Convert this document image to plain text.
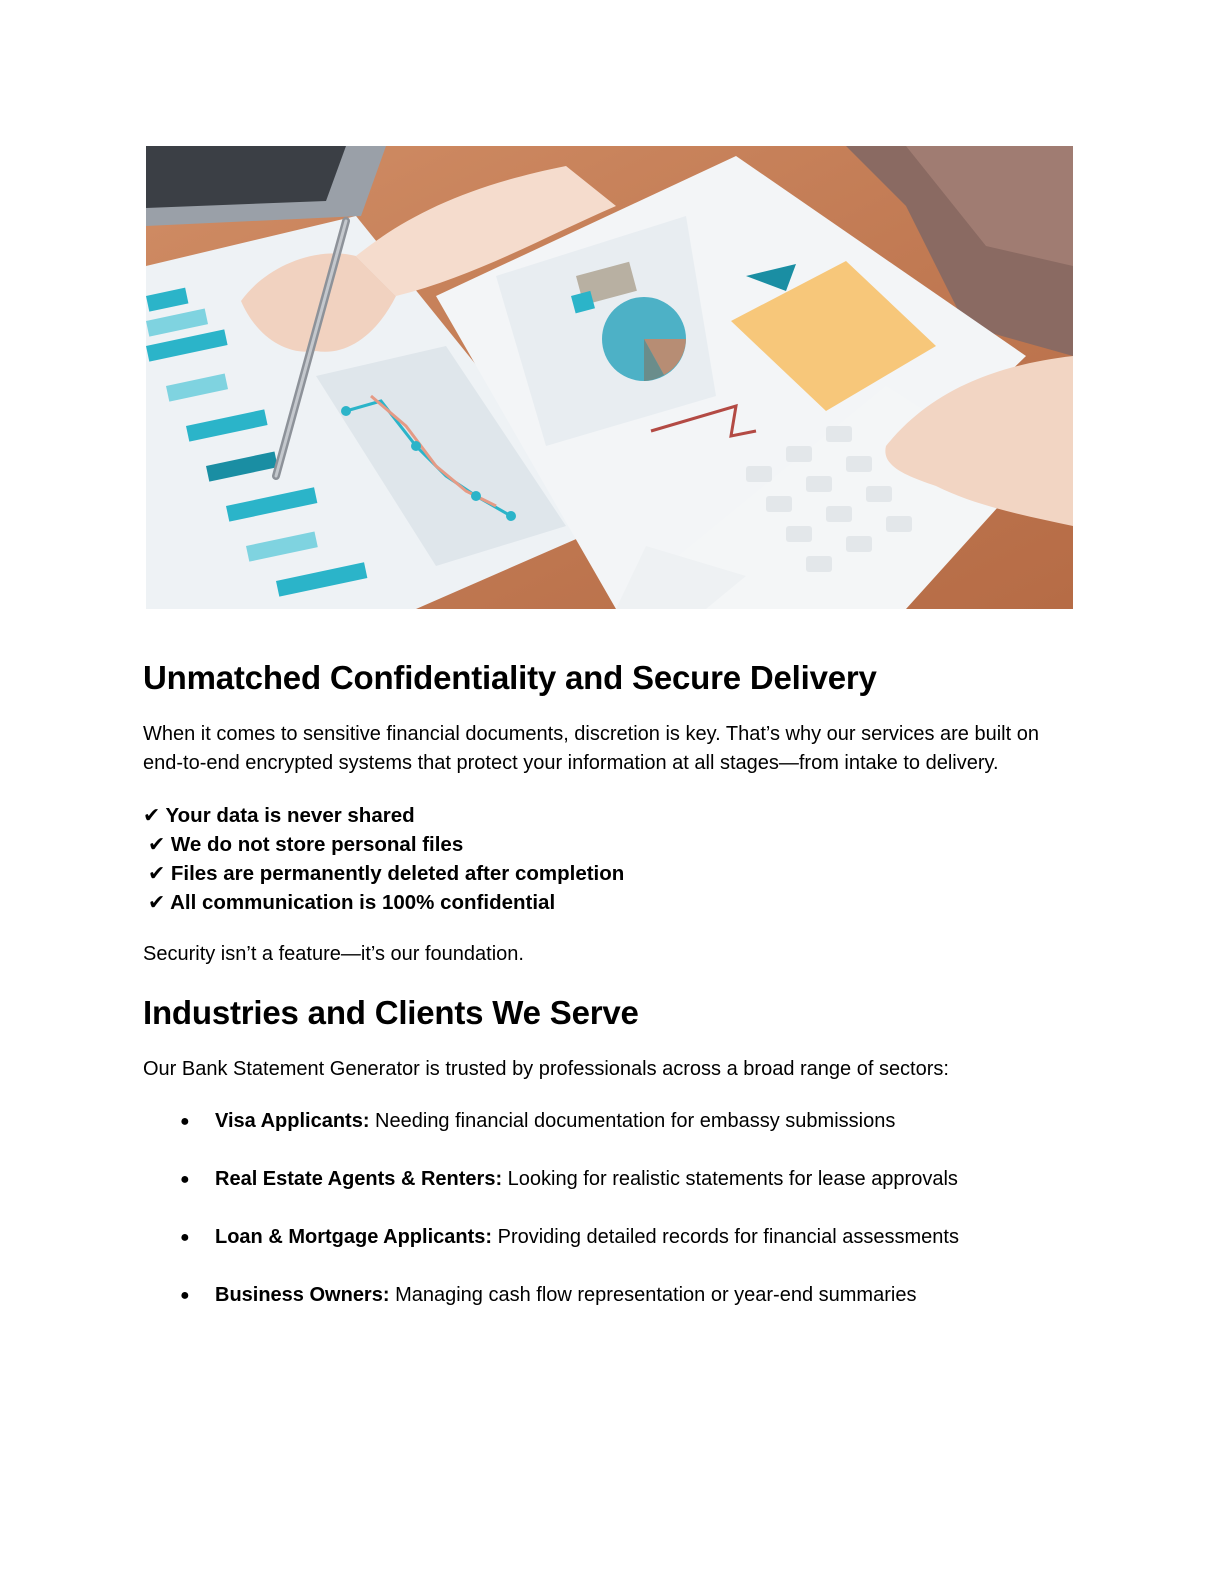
Unmatched Confidentiality and Secure Delivery

When it comes to sensitive financial documents, discretion is key. That’s why our services are built on end-to-end encrypted systems that protect your information at all stages—from intake to delivery.

✔ Your data is never shared
✔ We do not store personal files
✔ Files are permanently deleted after completion
✔ All communication is 100% confidential

Security isn’t a feature—it’s our foundation.

Industries and Clients We Serve

Our Bank Statement Generator is trusted by professionals across a broad range of sectors:

● Visa Applicants: Needing financial documentation for embassy submissions
● Real Estate Agents & Renters: Looking for realistic statements for lease approvals
● Loan & Mortgage Applicants: Providing detailed records for financial assessments
● Business Owners: Managing cash flow representation or year-end summaries
